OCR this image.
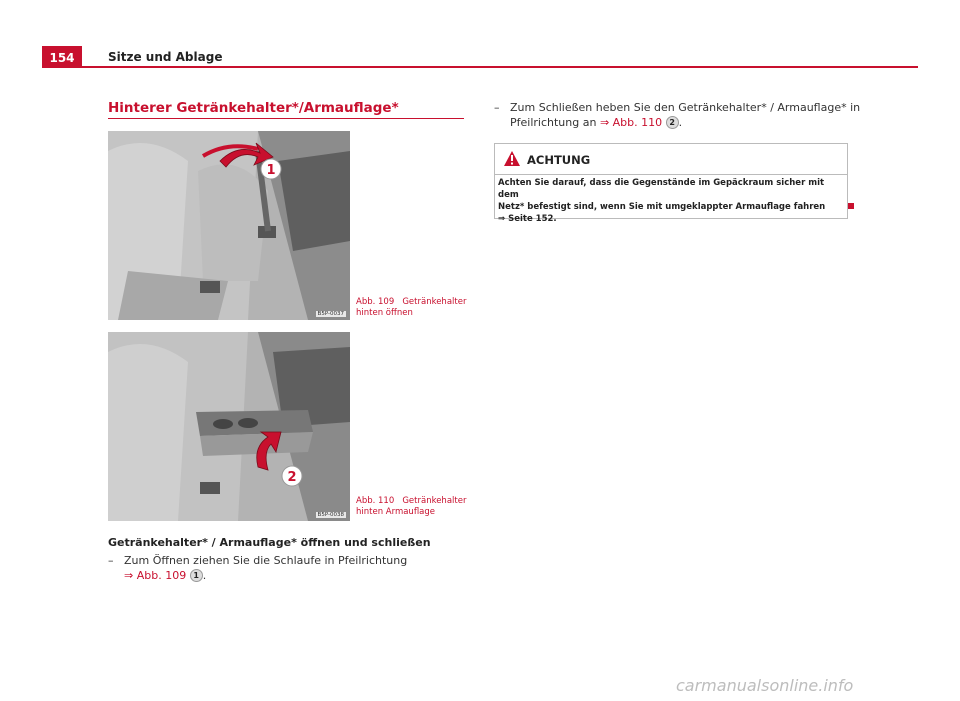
154	Sitze und Ablage
Hinterer Getränkehalter*/Armauflage*
1
B5P-0037
Abb. 109 Getränkehalter hinten öffnen
2
B5P-0038
Abb. 110 Getränkehalter hinten Armauflage
Getränkehalter* / Armauflage* öffnen und schließen
– Zum Öffnen ziehen Sie die Schlaufe in Pfeilrichtung
⇒ Abb. 109 1 .
– Zum Schließen heben Sie den Getränkehalter* / Armauflage* in
Pfeilrichtung an ⇒ Abb. 110 2 .
ACHTUNG
Achten Sie darauf, dass die Gegenstände im Gepäckraum sicher mit dem
Netz* befestigt sind, wenn Sie mit umgeklappter Armauflage fahren
⇒ Seite 152.
carmanualsonline.info
